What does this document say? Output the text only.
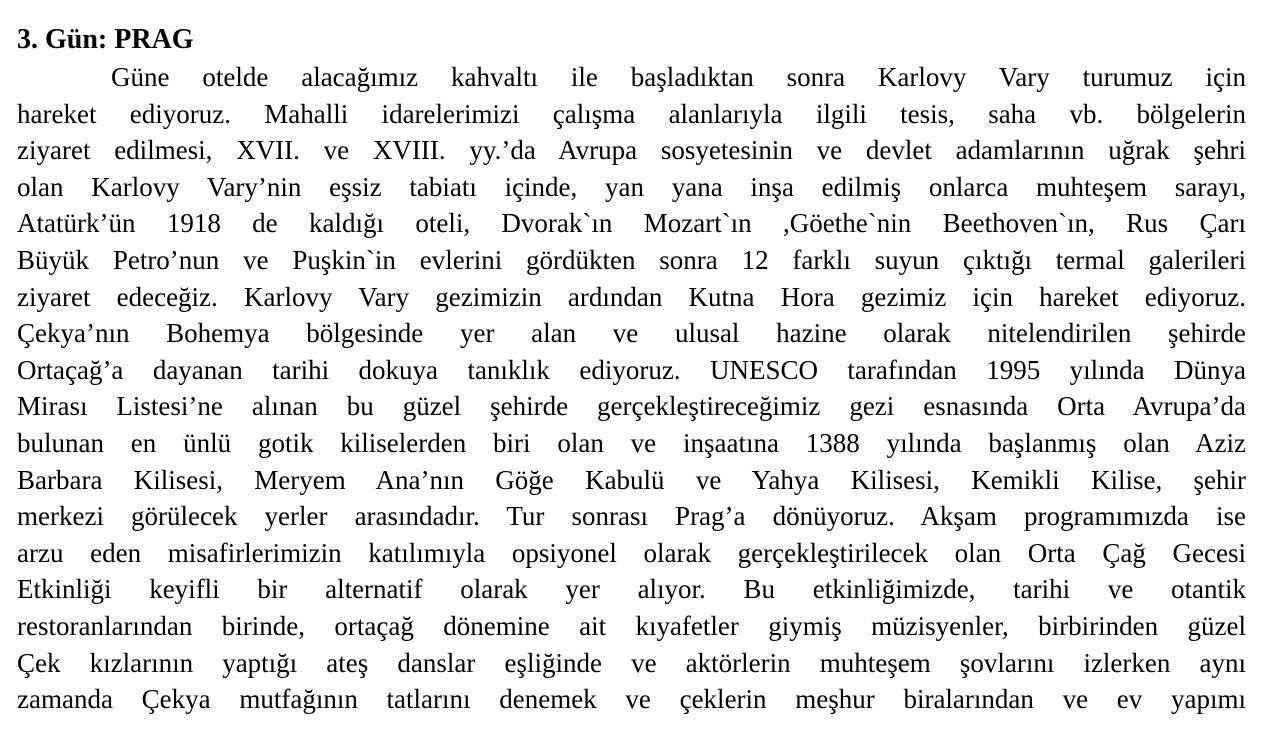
3. Gün: PRAG
Güne otelde alacağımız kahvaltı ile başladıktan sonra Karlovy Vary turumuz için
hareket ediyoruz. Mahalli idarelerimizi çalışma alanlarıyla ilgili tesis, saha vb. bölgelerin
ziyaret edilmesi, XVII. ve XVIII. yy.’da Avrupa sosyetesinin ve devlet adamlarının uğrak şehri
olan Karlovy Vary’nin eşsiz tabiatı içinde, yan yana inşa edilmiş onlarca muhteşem sarayı,
Atatürk’ün 1918 de kaldığı oteli, Dvorak`ın Mozart`ın ,Göethe`nin Beethoven`ın, Rus Çarı
Büyük Petro’nun ve Puşkin`in evlerini gördükten sonra 12 farklı suyun çıktığı termal galerileri
ziyaret edeceğiz. Karlovy Vary gezimizin ardından Kutna Hora gezimiz için hareket ediyoruz.
Çekya’nın Bohemya bölgesinde yer alan ve ulusal hazine olarak nitelendirilen şehirde
Ortaçağ’a dayanan tarihi dokuya tanıklık ediyoruz. UNESCO tarafından 1995 yılında Dünya
Mirası Listesi’ne alınan bu güzel şehirde gerçekleştireceğimiz gezi esnasında Orta Avrupa’da
bulunan en ünlü gotik kiliselerden biri olan ve inşaatına 1388 yılında başlanmış olan Aziz
Barbara Kilisesi, Meryem Ana’nın Göğe Kabulü ve Yahya Kilisesi, Kemikli Kilise, şehir
merkezi görülecek yerler arasındadır. Tur sonrası Prag’a dönüyoruz. Akşam programımızda ise
arzu eden misafirlerimizin katılımıyla opsiyonel olarak gerçekleştirilecek olan Orta Çağ Gecesi
Etkinliği keyifli bir alternatif olarak yer alıyor. Bu etkinliğimizde, tarihi ve otantik
restoranlarından birinde, ortaçağ dönemine ait kıyafetler giymiş müzisyenler, birbirinden güzel
Çek kızlarının yaptığı ateş danslar eşliğinde ve aktörlerin muhteşem şovlarını izlerken aynı
zamanda Çekya mutfağının tatlarını denemek ve çeklerin meşhur biralarından ve ev yapımı
